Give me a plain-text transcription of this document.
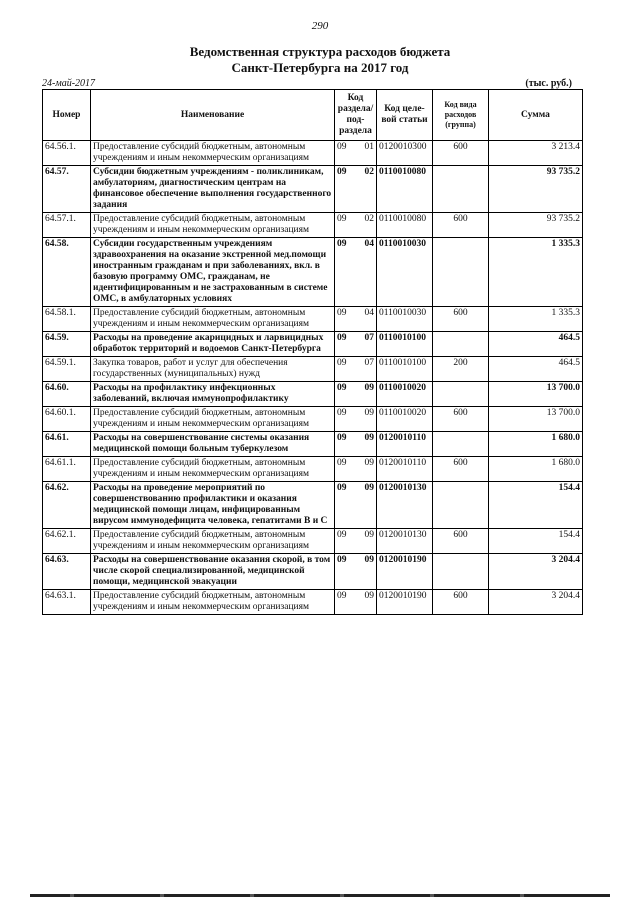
290
Ведомственная структура расходов бюджета
Санкт-Петербурга на 2017 год
24-май-2017	(тыс. руб.)
Номер	Наименование	Код раздела/ под- раздела	Код целе- вой статьи	Код вида расходов (группа)	Сумма
64.56.1.	Предоставление субсидий бюджетным, автономным учреждениям и иным некоммерческим организациям	09 01	0120010300	600	3 213.4
64.57.	Субсидии бюджетным учреждениям - поликлиникам, амбулаториям, диагностическим центрам на финансовое обеспечение выполнения государственного задания	09 02	0110010080		93 735.2
64.57.1.	Предоставление субсидий бюджетным, автономным учреждениям и иным некоммерческим организациям	09 02	0110010080	600	93 735.2
64.58.	Субсидии государственным учреждениям здравоохранения на оказание экстренной мед.помощи иностранным гражданам и при заболеваниях, вкл. в базовую программу ОМС, гражданам, не идентифицированным и не застрахованным в системе ОМС, в амбулаторных условиях	09 04	0110010030		1 335.3
64.58.1.	Предоставление субсидий бюджетным, автономным учреждениям и иным некоммерческим организациям	09 04	0110010030	600	1 335.3
64.59.	Расходы на проведение акарицидных и ларвицидных обработок территорий и водоемов Санкт-Петербурга	09 07	0110010100		464.5
64.59.1.	Закупка товаров, работ и услуг для обеспечения государственных (муниципальных) нужд	09 07	0110010100	200	464.5
64.60.	Расходы на профилактику инфекционных заболеваний, включая иммунопрофилактику	09 09	0110010020		13 700.0
64.60.1.	Предоставление субсидий бюджетным, автономным учреждениям и иным некоммерческим организациям	09 09	0110010020	600	13 700.0
64.61.	Расходы на совершенствование системы оказания медицинской помощи больным туберкулезом	09 09	0120010110		1 680.0
64.61.1.	Предоставление субсидий бюджетным, автономным учреждениям и иным некоммерческим организациям	09 09	0120010110	600	1 680.0
64.62.	Расходы на проведение мероприятий по совершенствованию профилактики и оказания медицинской помощи лицам, инфицированным вирусом иммунодефицита человека, гепатитами В и С	09 09	0120010130		154.4
64.62.1.	Предоставление субсидий бюджетным, автономным учреждениям и иным некоммерческим организациям	09 09	0120010130	600	154.4
64.63.	Расходы на совершенствование оказания скорой, в том числе скорой специализированной, медицинской помощи, медицинской эвакуации	09 09	0120010190		3 204.4
64.63.1.	Предоставление субсидий бюджетным, автономным учреждениям и иным некоммерческим организациям	09 09	0120010190	600	3 204.4
